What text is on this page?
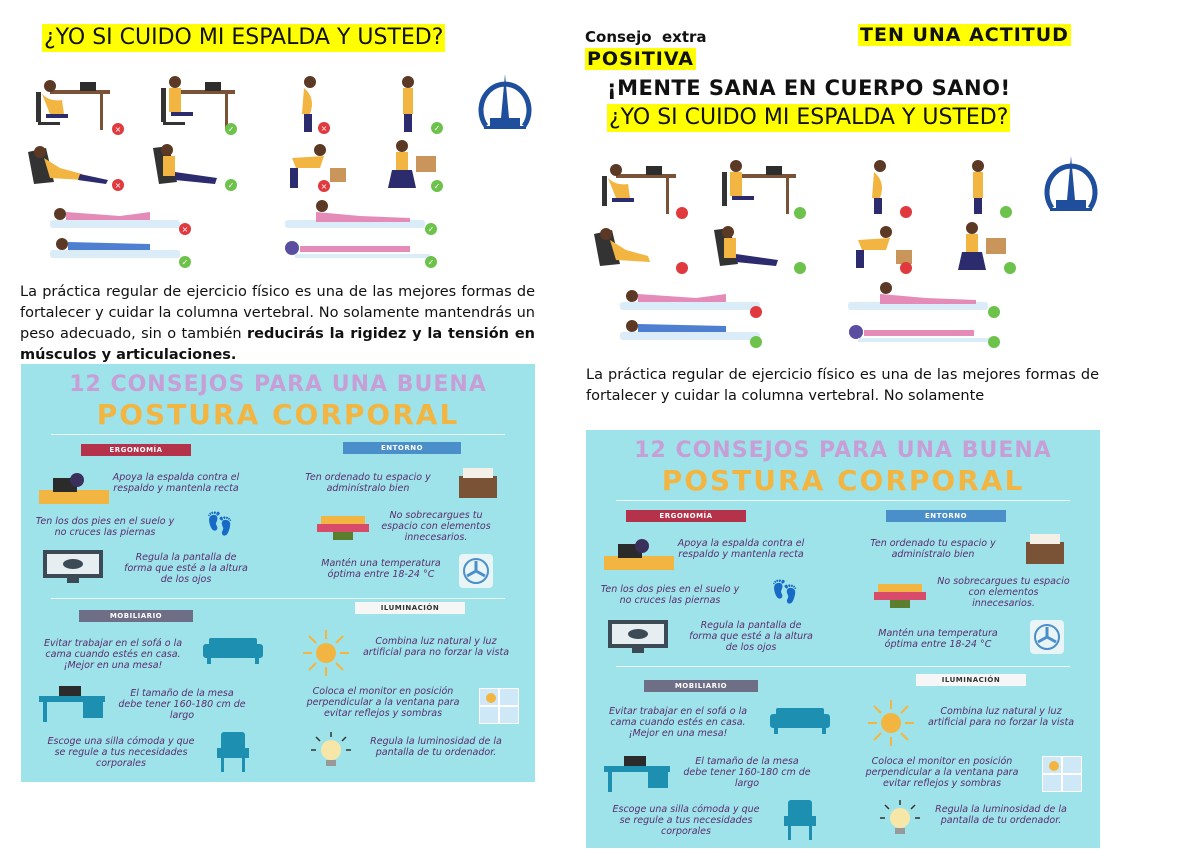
¿YO SI CUIDO MI ESPALDA Y USTED?
×	✓	×	✓
×	✓	×	✓
×	✓
✓	✓
La práctica regular de ejercicio físico es una de las mejores formas de fortalecer y cuidar la columna vertebral. No solamente mantendrás un peso adecuado, sin o también reducirás la rigidez y la tensión en músculos y articulaciones.
12 CONSEJOS PARA UNA BUENA
POSTURA CORPORAL
ERGONOMÍA	ENTORNO
Apoya la espalda contra el respaldo y mantenla recta
Ten los dos pies en el suelo y no cruces las piernas	👣
Regula la pantalla de forma que esté a la altura de los ojos
Ten ordenado tu espacio y adminístralo bien
No sobrecargues tu espacio con elementos innecesarios.
Mantén una temperatura óptima entre 18-24 °C
MOBILIARIO
ILUMINACIÓN
Evitar trabajar en el sofá o la cama cuando estés en casa. ¡Mejor en una mesa!
El tamaño de la mesa debe tener 160-180 cm de largo
Escoge una silla cómoda y que se regule a tus necesidades corporales
Combina luz natural y luz artificial para no forzar la vista
Coloca el monitor en posición perpendicular a la ventana para evitar reflejos y sombras
Regula la luminosidad de la pantalla de tu ordenador.
Consejo  extra	TEN UNA ACTITUD
POSITIVA
¡MENTE SANA EN CUERPO SANO!
¿YO SI CUIDO MI ESPALDA Y USTED?
La práctica regular de ejercicio físico es una de las mejores formas de fortalecer y cuidar la columna vertebral. No solamente
12 CONSEJOS PARA UNA BUENA
POSTURA CORPORAL
ERGONOMÍA	ENTORNO
Apoya la espalda contra el respaldo y mantenla recta
Ten los dos pies en el suelo y no cruces las piernas	👣
Regula la pantalla de forma que esté a la altura de los ojos
Ten ordenado tu espacio y adminístralo bien
No sobrecargues tu espacio con elementos innecesarios.
Mantén una temperatura óptima entre 18-24 °C
MOBILIARIO
ILUMINACIÓN
Evitar trabajar en el sofá o la cama cuando estés en casa. ¡Mejor en una mesa!
El tamaño de la mesa debe tener 160-180 cm de largo
Escoge una silla cómoda y que se regule a tus necesidades corporales
Combina luz natural y luz artificial para no forzar la vista
Coloca el monitor en posición perpendicular a la ventana para evitar reflejos y sombras
Regula la luminosidad de la pantalla de tu ordenador.
